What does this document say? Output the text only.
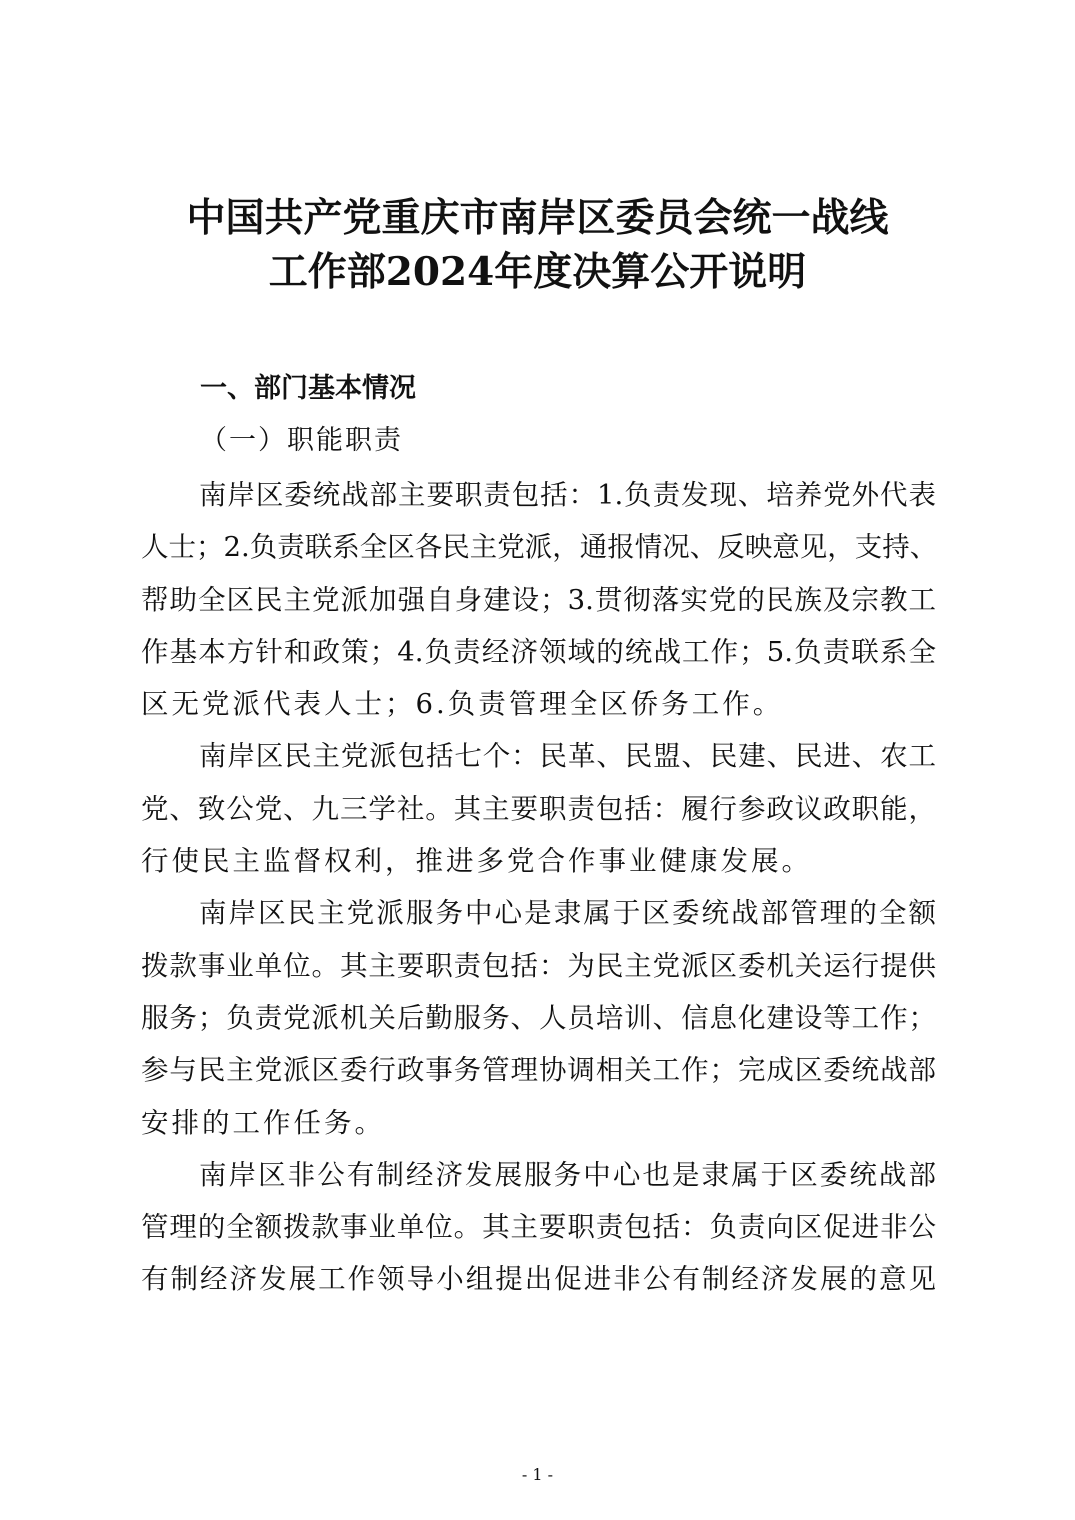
中国共产党重庆市南岸区委员会统一战线
工作部2024年度决算公开说明
一、部门基本情况
（一）职能职责
南岸区委统战部主要职责包括：1.负责发现、培养党外代表
人士；2.负责联系全区各民主党派，通报情况、反映意见，支持、
帮助全区民主党派加强自身建设；3.贯彻落实党的民族及宗教工
作基本方针和政策；4.负责经济领域的统战工作；5.负责联系全
区无党派代表人士；6.负责管理全区侨务工作。
南岸区民主党派包括七个：民革、民盟、民建、民进、农工
党、致公党、九三学社。其主要职责包括：履行参政议政职能，
行使民主监督权利，推进多党合作事业健康发展。
南岸区民主党派服务中心是隶属于区委统战部管理的全额
拨款事业单位。其主要职责包括：为民主党派区委机关运行提供
服务；负责党派机关后勤服务、人员培训、信息化建设等工作；
参与民主党派区委行政事务管理协调相关工作；完成区委统战部
安排的工作任务。
南岸区非公有制经济发展服务中心也是隶属于区委统战部
管理的全额拨款事业单位。其主要职责包括：负责向区促进非公
有制经济发展工作领导小组提出促进非公有制经济发展的意见
- 1 -
